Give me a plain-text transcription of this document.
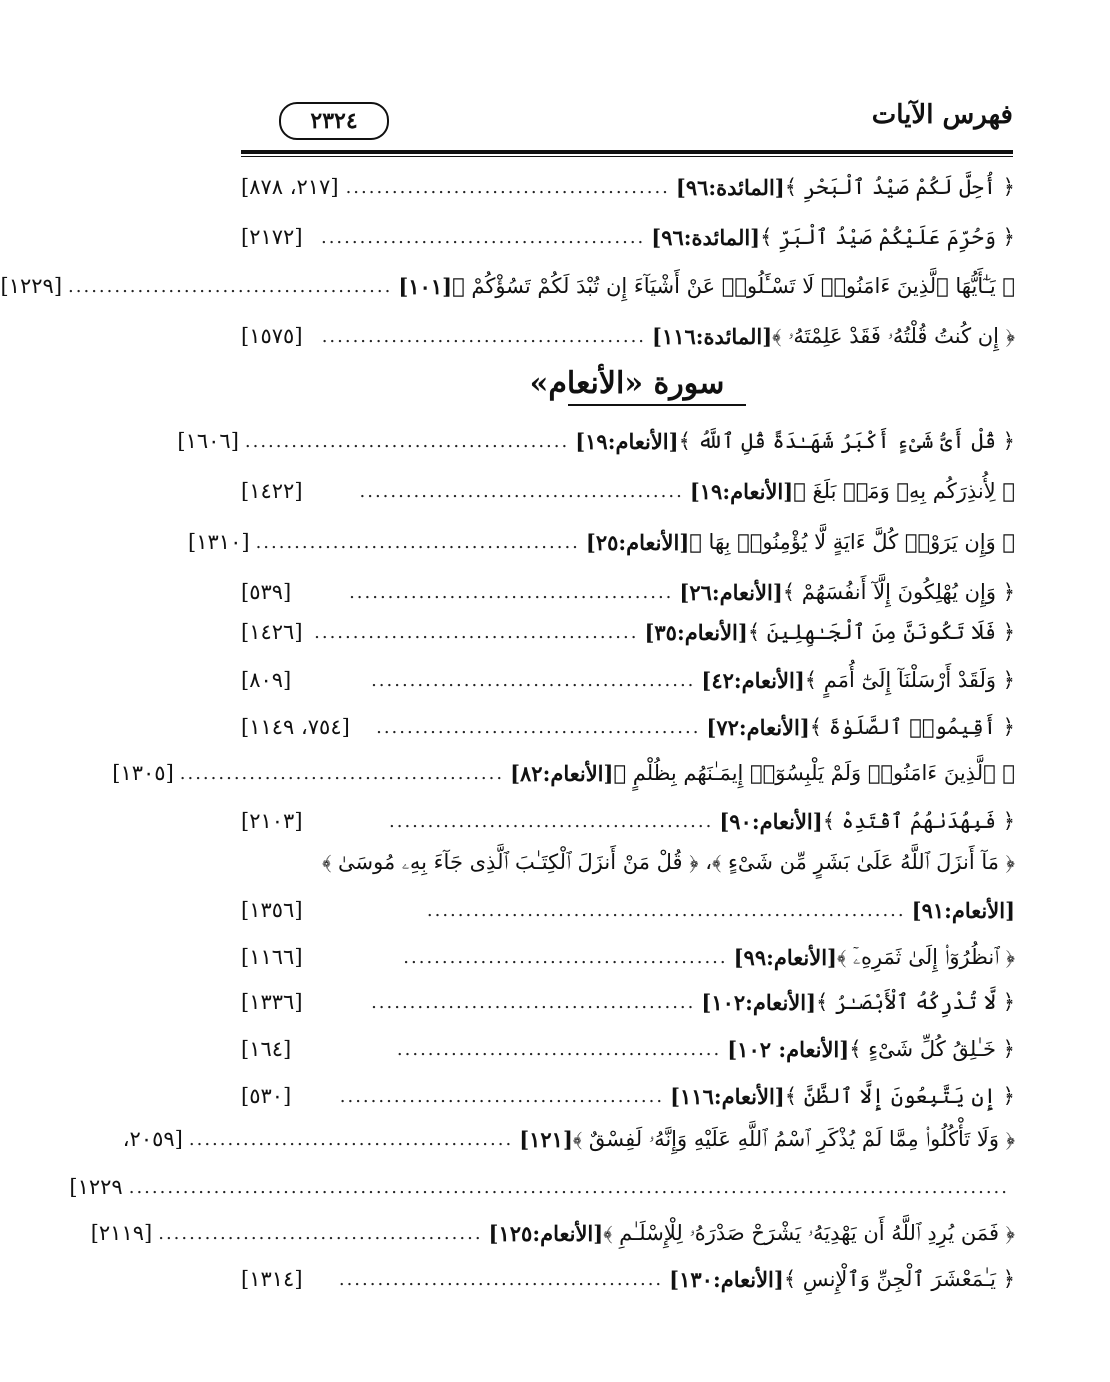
فهرس الآيات
٢٣٢٤
﴿ أُحِلَّ لَكُمْ صَيْدُ ٱلْبَحْرِ ﴾
[المائدة:٩٦]
..........................................
[٢١٧، ٨٧٨]
﴿ وَحُرِّمَ عَلَيْكُمْ صَيْدُ ٱلْبَرِّ ﴾
[المائدة:٩٦]
..........................................
[٢١٧٢]
﴿ يَـٰٓأَيُّهَا ٱلَّذِينَ ءَامَنُوا۟ لَا تَسْـَٔلُوا۟ عَنْ أَشْيَآءَ إِن تُبْدَ لَكُمْ تَسُؤْكُمْ ﴾
[١٠١]
..........................................
[١٢٢٩]
﴿ إِن كُنتُ قُلْتُهُۥ فَقَدْ عَلِمْتَهُۥ ﴾
[المائدة:١١٦]
..........................................
[١٥٧٥]
سورة «الأنعام»
﴿ قُلْ أَىُّ شَىْءٍ أَكْبَرُ شَهَـٰدَةً قُلِ ٱللَّهُ ﴾
[الأنعام:١٩]
..........................................
[١٦٠٦]
﴿ لِأُنذِرَكُم بِهِۦ وَمَنۢ بَلَغَ ﴾
[الأنعام:١٩]
..........................................
[١٤٢٢]
﴿ وَإِن يَرَوْا۟ كُلَّ ءَايَةٍ لَّا يُؤْمِنُوا۟ بِهَا ﴾
[الأنعام:٢٥]
..........................................
[١٣١٠]
﴿ وَإِن يُهْلِكُونَ إِلَّآ أَنفُسَهُمْ ﴾
[الأنعام:٢٦]
..........................................
[٥٣٩]
﴿ فَلَا تَكُونَنَّ مِنَ ٱلْجَـٰهِلِينَ ﴾
[الأنعام:٣٥]
..........................................
[١٤٢٦]
﴿ وَلَقَدْ أَرْسَلْنَآ إِلَىٰٓ أُمَمٍ ﴾
[الأنعام:٤٢]
..........................................
[٨٠٩]
﴿ أَقِيمُوا۟ ٱلصَّلَوٰةَ ﴾
[الأنعام:٧٢]
..........................................
[٧٥٤، ١١٤٩]
﴿ ٱلَّذِينَ ءَامَنُوا۟ وَلَمْ يَلْبِسُوٓا۟ إِيمَـٰنَهُم بِظُلْمٍ ﴾
[الأنعام:٨٢]
..........................................
[١٣٠٥]
﴿ فَبِهُدَىٰهُمُ ٱقْتَدِهْ ﴾
[الأنعام:٩٠]
..........................................
[٢١٠٣]
﴿ مَآ أَنزَلَ ٱللَّهُ عَلَىٰ بَشَرٍ مِّن شَىْءٍ ﴾، ﴿ قُلْ مَنْ أَنزَلَ ٱلْكِتَـٰبَ ٱلَّذِى جَآءَ بِهِۦ مُوسَىٰ ﴾
[الأنعام:٩١]
..............................................................
[١٣٥٦]
﴿ ٱنظُرُوٓا۟ إِلَىٰ ثَمَرِهِۦٓ ﴾
[الأنعام:٩٩]
..........................................
[١١٦٦]
﴿ لَّا تُدْرِكُهُ ٱلْأَبْصَـٰرُ ﴾
[الأنعام:١٠٢]
..........................................
[١٣٣٦]
﴿ خَـٰلِقُ كُلِّ شَىْءٍ ﴾
[الأنعام: ١٠٢]
..........................................
[١٦٤]
﴿ إِن يَتَّبِعُونَ إِلَّا ٱلظَّنَّ ﴾
[الأنعام:١١٦]
..........................................
[٥٣٠]
﴿ وَلَا تَأْكُلُوا۟ مِمَّا لَمْ يُذْكَرِ ٱسْمُ ٱللَّهِ عَلَيْهِ وَإِنَّهُۥ لَفِسْقٌ ﴾
[١٢١]
..........................................
[٢٠٥٩،
..................................................................................................................
١٢٢٩]
﴿ فَمَن يُرِدِ ٱللَّهُ أَن يَهْدِيَهُۥ يَشْرَحْ صَدْرَهُۥ لِلْإِسْلَـٰمِ ﴾
[الأنعام:١٢٥]
..........................................
[٢١١٩]
﴿ يَـٰمَعْشَرَ ٱلْجِنِّ وَٱلْإِنسِ ﴾
[الأنعام:١٣٠]
..........................................
[١٣١٤]
